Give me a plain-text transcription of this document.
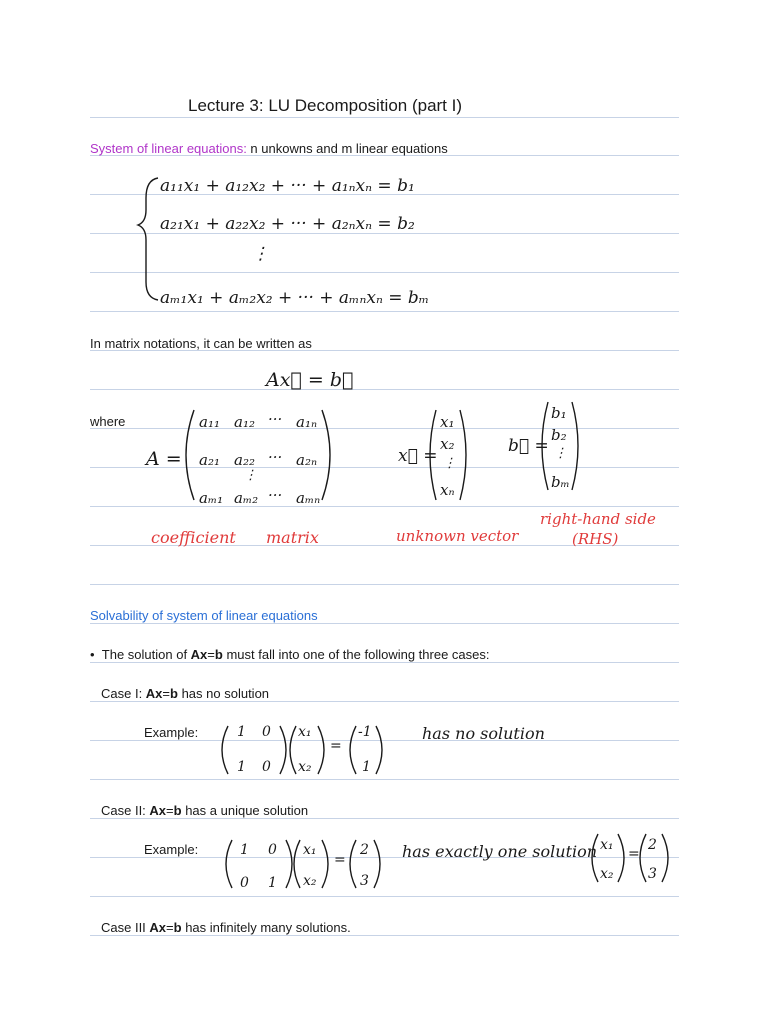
Lecture 3: LU Decomposition (part I)
System of linear equations: n unkowns and m linear equations
a₁₁x₁ + a₁₂x₂ + ··· + a₁ₙxₙ = b₁
a₂₁x₁ + a₂₂x₂ + ··· + a₂ₙxₙ = b₂
⋮
aₘ₁x₁ + aₘ₂x₂ + ··· + aₘₙxₙ = bₘ
In matrix notations, it can be written as
Ax⃗ = b⃗
where
A =
a₁₁ a₁₂ ··· a₁ₙ
a₂₁ a₂₂ ··· a₂ₙ
⋮
aₘ₁ aₘ₂ ··· aₘₙ
x⃗ =
x₁
x₂
⋮
xₙ
b⃗ =
b₁
b₂
⋮
bₘ
coefficient matrix	unknown vector
right-hand side
(RHS)
Solvability of system of linear equations
•  The solution of Ax=b must fall into one of the following three cases:
Case I: Ax=b has no solution
Example:	1 0
1 0
x₁
x₂
=
-1
1
has no solution
Case II: Ax=b has a unique solution
Example:	1 0
0 1
x₁
x₂
=
2
3
has exactly one solution x₁
x₂
=
2
3
Case III Ax=b has infinitely many solutions.
